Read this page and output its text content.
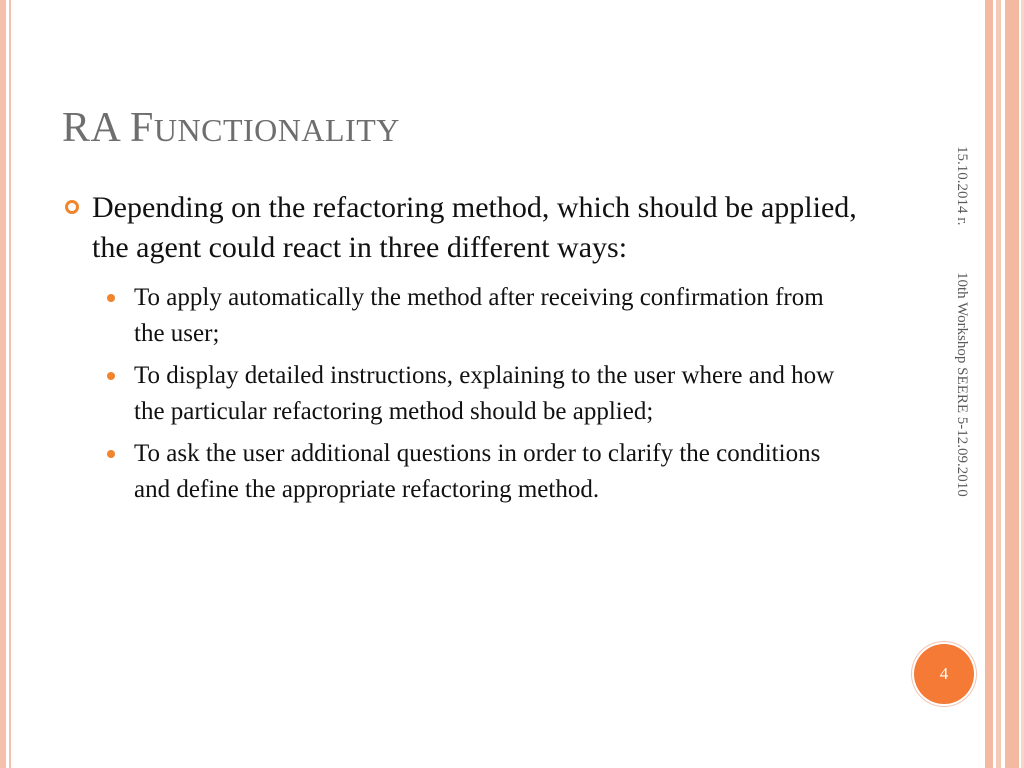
RA FUNCTIONALITY
Depending on the refactoring method, which should be applied, the agent could react in three different ways:
To apply automatically the method after receiving confirmation from the user;
To display detailed instructions, explaining to the user where and how the particular refactoring method should be applied;
To ask the user additional questions in order to clarify the conditions and define the appropriate refactoring method.
15.10.2014 г.
10th Workshop SEERE 5-12.09.2010
4
